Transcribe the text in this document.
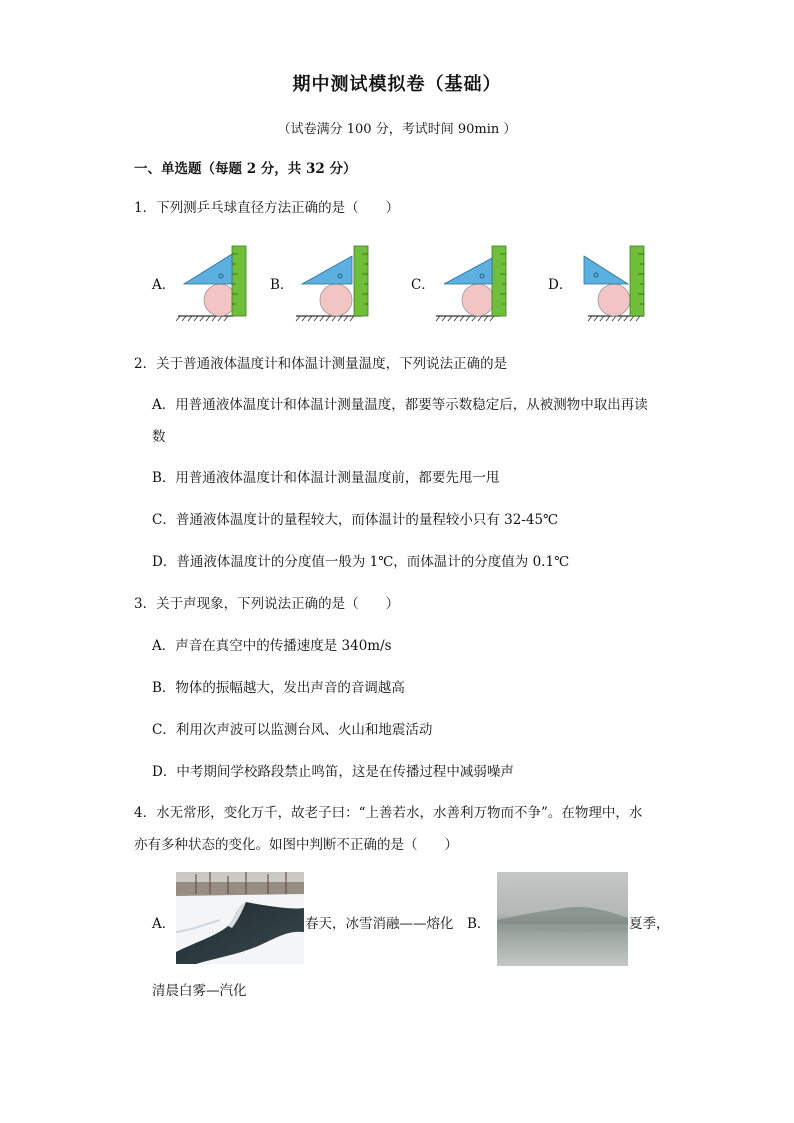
期中测试模拟卷（基础）
（试卷满分 100 分，考试时间 90min ）
一、单选题（每题 2 分，共 32 分）
1．下列测乒乓球直径方法正确的是（　　）
A．	B．	C．	D．
2．关于普通液体温度计和体温计测量温度，下列说法正确的是
A．用普通液体温度计和体温计测量温度，都要等示数稳定后，从被测物中取出再读
数
B．用普通液体温度计和体温计测量温度前，都要先甩一甩
C．普通液体温度计的量程较大，而体温计的量程较小只有 32-45℃
D．普通液体温度计的分度值一般为 1℃，而体温计的分度值为 0.1℃
3．关于声现象，下列说法正确的是（　　）
A．声音在真空中的传播速度是 340m/s
B．物体的振幅越大，发出声音的音调越高
C．利用次声波可以监测台风、火山和地震活动
D．中考期间学校路段禁止鸣笛，这是在传播过程中减弱噪声
4．水无常形，变化万千，故老子曰：“上善若水，水善利万物而不争”。在物理中，水
亦有多种状态的变化。如图中判断不正确的是（　　）
A．	春天，冰雪消融——熔化 B．	夏季，
清晨白雾—汽化
